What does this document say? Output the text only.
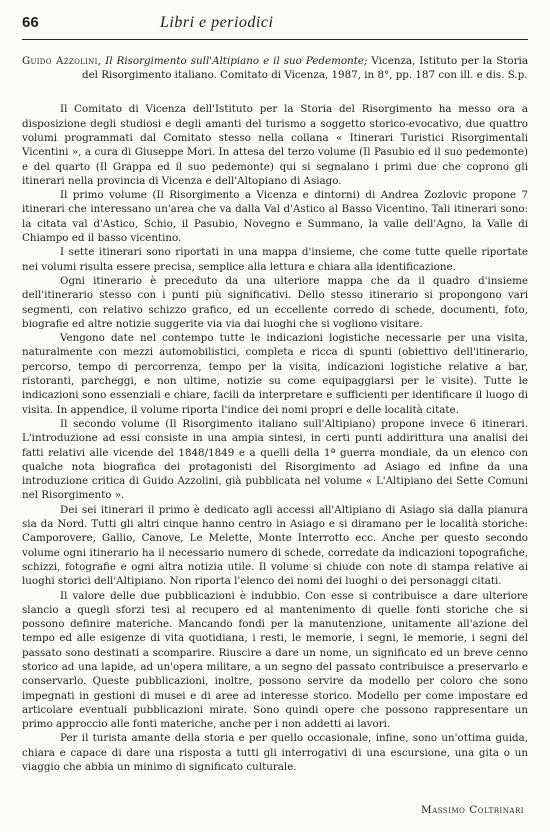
66	Libri e periodici
Guido Azzolini, Il Risorgimento sull'Altipiano e il suo Pedemonte; Vicenza, Istituto per la Storia del Risorgimento italiano. Comitato di Vicenza, 1987, in 8°, pp. 187 con ill. e dis. S.p.

Il Comitato di Vicenza dell'Istituto per la Storia del Risorgimento ha messo ora a disposizione degli studiosi e degli amanti del turismo a soggetto storico-evocativo, due quattro volumi programmati dal Comitato stesso nella collana « Itinerari Turistici Risorgimentali Vicentini », a cura di Giuseppe Mori. In attesa del terzo volume (Il Pasubio ed il suo pedemonte) e del quarto (Il Grappa ed il suo pedemonte) qui si segnalano i primi due che coprono gli itinerari nella provincia di Vicenza e dell'Altopiano di Asiago.

Il primo volume (Il Risorgimento a Vicenza e dintorni) di Andrea Zozlovic propone 7 itinerari che interessano un'area che va dalla Val d'Astico al Basso Vicentino. Tali itinerari sono: la citata val d'Astico, Schio, il Pasubio, Novegno e Summano, la valle dell'Agno, la Valle di Chiampo ed il basso vicentino.

I sette itinerari sono riportati in una mappa d'insieme, che come tutte quelle riportate nei volumi risulta essere precisa, semplice alla lettura e chiara alla identificazione.

Ogni itinerario è preceduto da una ulteriore mappa che da il quadro d'insieme dell'itinerario stesso con i punti più significativi. Dello stesso itinerario si propongono vari segmenti, con relativo schizzo grafico, ed un eccellente corredo di schede, documenti, foto, biografie ed altre notizie suggerite via via dai luoghi che si vogliono visitare.

Vengono date nel contempo tutte le indicazioni logistiche necessarie per una visita, naturalmente con mezzi automobilistici, completa e ricca di spunti (obiettivo dell'itinerario, percorso, tempo di percorrenza, tempo per la visita, indicazioni logistiche relative a bar, ristoranti, parcheggi, e non ultime, notizie su come equipaggiarsi per le visite). Tutte le indicazioni sono essenziali e chiare, facili da interpretare e sufficienti per identificare il luogo di visita. In appendice, il volume riporta l'indice dei nomi propri e delle località citate.

Il secondo volume (Il Risorgimento italiano sull'Altipiano) propone invece 6 itinerari. L'introduzione ad essi consiste in una ampia sintesi, in certi punti addirittura una analisi dei fatti relativi alle vicende del 1848/1849 e a quelli della 1ª guerra mondiale, da un elenco con qualche nota biografica dei protagonisti del Risorgimento ad Asiago ed infine da una introduzione critica di Guido Azzolini, già pubblicata nel volume « L'Altipiano dei Sette Comuni nel Risorgimento ».

Dei sei itinerari il primo è dedicato agli accessi all'Altipiano di Asiago sia dalla pianura sia da Nord. Tutti gli altri cinque hanno centro in Asiago e si diramano per le località storiche: Camporovere, Gallio, Canove, Le Melette, Monte Interrotto ecc. Anche per questo secondo volume ogni itinerario ha il necessario numero di schede, corredate da indicazioni topografiche, schizzi, fotografie e ogni altra notizia utile. Il volume si chiude con note di stampa relative ai luoghi storici dell'Altipiano. Non riporta l'elenco dei nomi dei luoghi o dei personaggi citati.

Il valore delle due pubblicazioni è indubbio. Con esse si contribuisce a dare ulteriore slancio a quegli sforzi tesi al recupero ed al mantenimento di quelle fonti storiche che si possono definire materiche. Mancando fondi per la manutenzione, unitamente all'azione del tempo ed alle esigenze di vita quotidiana, i resti, le memorie, i segni, le memorie, i segni del passato sono destinati a scomparire. Riuscire a dare un nome, un significato ed un breve cenno storico ad una lapide, ad un'opera militare, a un segno del passato contribuisce a preservarlo e conservarlo. Queste pubblicazioni, inoltre, possono servire da modello per coloro che sono impegnati in gestioni di musei e di aree ad interesse storico. Modello per come impostare ed articolare eventuali pubblicazioni mirate. Sono quindi opere che possono rappresentare un primo approccio alle fonti materiche, anche per i non addetti ai lavori.

Per il turista amante della storia e per quello occasionale, infine, sono un'ottima guida, chiara e capace di dare una risposta a tutti gli interrogativi di una escursione, una gita o un viaggio che abbia un minimo di significato culturale.

Massimo Coltrinari
